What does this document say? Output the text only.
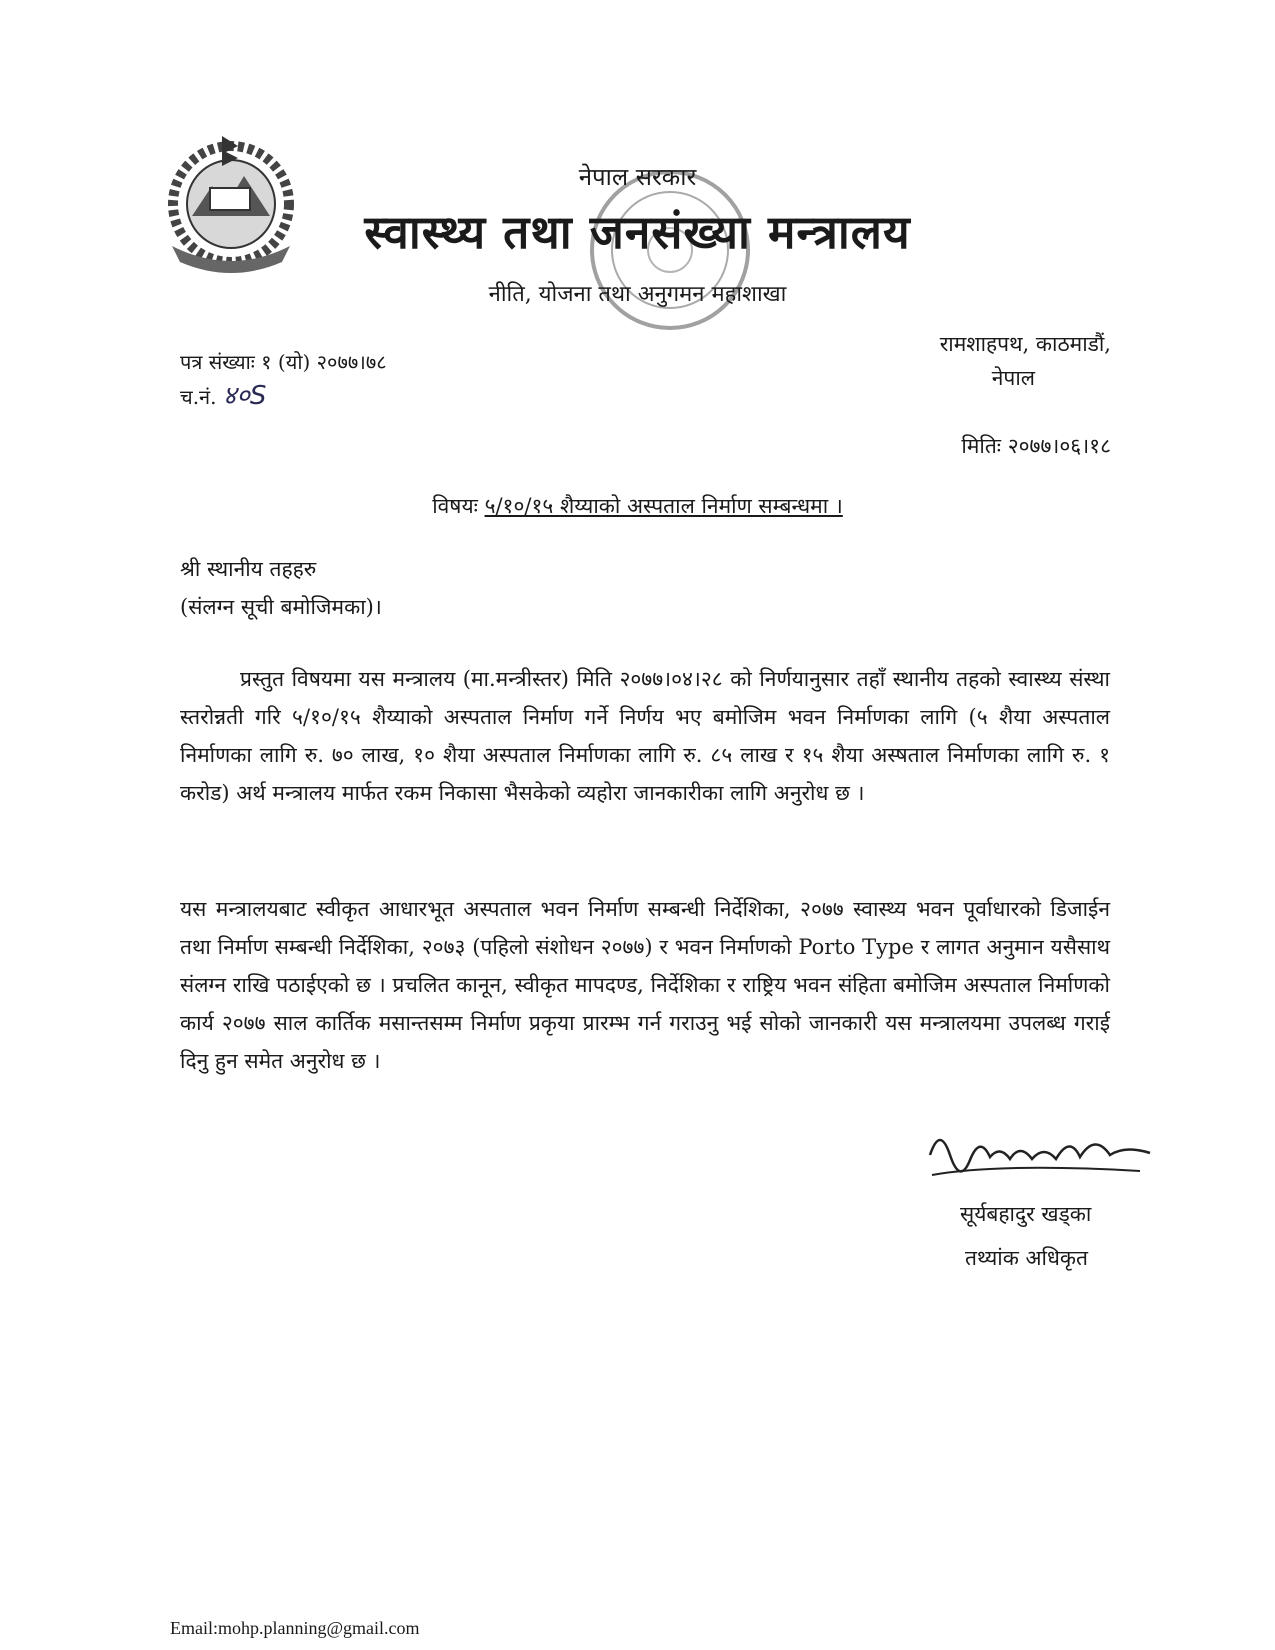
नेपाल सरकार
स्वास्थ्य तथा जनसंख्या मन्त्रालय
नीति, योजना तथा अनुगमन महाशाखा
पत्र संख्याः १ (यो) २०७७।७८
च.नं. ४०S
रामशाहपथ, काठमाडौं,
नेपाल
मितिः २०७७।०६।१८
विषयः ५/१०/१५ शैय्याको अस्पताल निर्माण सम्बन्धमा ।
श्री स्थानीय तहहरु
(संलग्न सूची बमोजिमका)।

प्रस्तुत विषयमा यस मन्त्रालय (मा.मन्त्रीस्तर) मिति २०७७।०४।२८ को निर्णयानुसार तहाँ स्थानीय तहको स्वास्थ्य संस्था स्तरोन्नती गरि ५/१०/१५ शैय्याको अस्पताल निर्माण गर्ने निर्णय भए बमोजिम भवन निर्माणका लागि (५ शैया अस्पताल निर्माणका लागि रु. ७० लाख, १० शैया अस्पताल निर्माणका लागि रु. ८५ लाख र १५ शैया अस्षताल निर्माणका लागि रु. १ करोड) अर्थ मन्त्रालय मार्फत रकम निकासा भैसकेको व्यहोरा जानकारीका लागि अनुरोध छ ।

यस मन्त्रालयबाट स्वीकृत आधारभूत अस्पताल भवन निर्माण सम्बन्धी निर्देशिका, २०७७ स्वास्थ्य भवन पूर्वाधारको डिजाईन तथा निर्माण सम्बन्धी निर्देशिका, २०७३ (पहिलो संशोधन २०७७) र भवन निर्माणको Porto Type र लागत अनुमान यसैसाथ संलग्न राखि पठाईएको छ । प्रचलित कानून, स्वीकृत मापदण्ड, निर्देशिका र राष्ट्रिय भवन संहिता बमोजिम अस्पताल निर्माणको कार्य २०७७ साल कार्तिक मसान्तसम्म निर्माण प्रकृया प्रारम्भ गर्न गराउनु भई सोको जानकारी यस मन्त्रालयमा उपलब्ध गराई दिनु हुन समेत अनुरोध छ ।

सूर्यबहादुर खड्का
तथ्यांक अधिकृत
Email:mohp.planning@gmail.com
